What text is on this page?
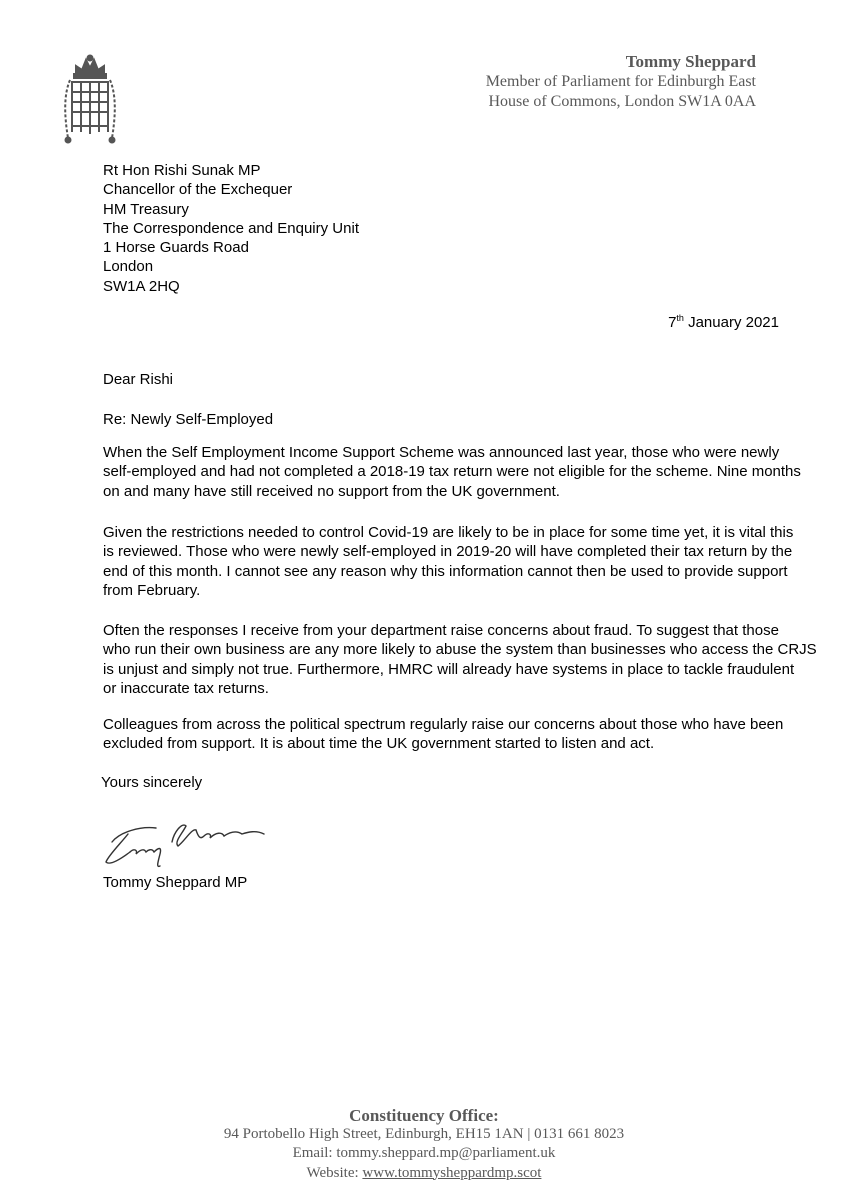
Tommy Sheppard
Member of Parliament for Edinburgh East
House of Commons, London SW1A 0AA
Rt Hon Rishi Sunak MP
Chancellor of the Exchequer
HM Treasury
The Correspondence and Enquiry Unit
1 Horse Guards Road
London
SW1A 2HQ
7th January 2021
Dear Rishi
Re: Newly Self-Employed
When the Self Employment Income Support Scheme was announced last year, those who were newly
self-employed and had not completed a 2018-19 tax return were not eligible for the scheme. Nine months
on and many have still received no support from the UK government.
Given the restrictions needed to control Covid-19 are likely to be in place for some time yet, it is vital this
is reviewed. Those who were newly self-employed in 2019-20 will have completed their tax return by the
end of this month. I cannot see any reason why this information cannot then be used to provide support
from February.
Often the responses I receive from your department raise concerns about fraud. To suggest that those
who run their own business are any more likely to abuse the system than businesses who access the CRJS
is unjust and simply not true. Furthermore, HMRC will already have systems in place to tackle fraudulent
or inaccurate tax returns.
Colleagues from across the political spectrum regularly raise our concerns about those who have been
excluded from support. It is about time the UK government started to listen and act.
Yours sincerely
Tommy Sheppard MP
Constituency Office:
94 Portobello High Street, Edinburgh, EH15 1AN | 0131 661 8023
Email: tommy.sheppard.mp@parliament.uk
Website: www.tommysheppardmp.scot
